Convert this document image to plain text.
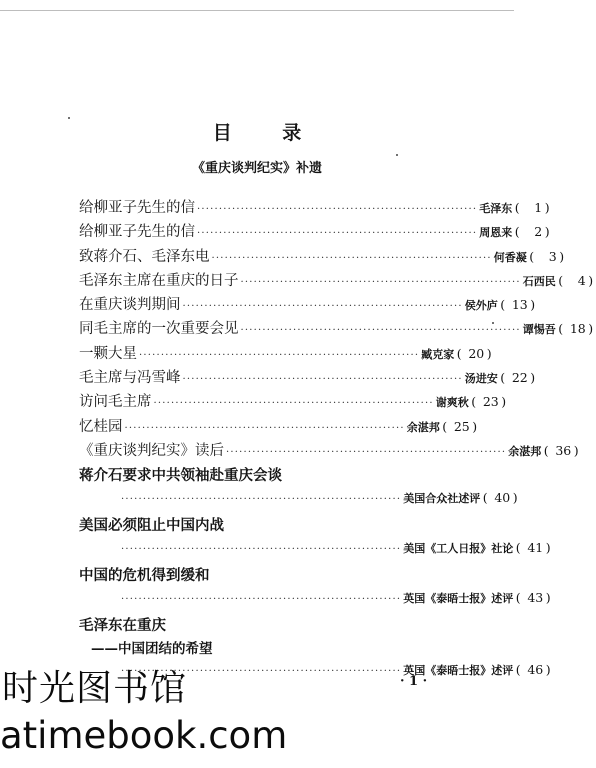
目 录
《重庆谈判纪实》补遗
给柳亚子先生的信 ································································ 毛泽东 ( 1 )
给柳亚子先生的信 ································································ 周恩来 ( 2 )
致蒋介石、毛泽东电 ································································ 何香凝 ( 3 )
毛泽东主席在重庆的日子 ································································ 石西民 ( 4 )
在重庆谈判期间 ································································ 侯外庐 ( 13 )
同毛主席的一次重要会见 ································································ 谭惕吾 ( 18 )
一颗大星 ································································ 臧克家 ( 20 )
毛主席与冯雪峰 ································································ 汤进安 ( 22 )
访问毛主席 ································································ 谢爽秋 ( 23 )
忆桂园 ································································ 余湛邦 ( 25 )
《重庆谈判纪实》读后 ································································ 余湛邦 ( 36 )
蒋介石要求中共领袖赴重庆会谈
································································ 美国合众社述评 ( 40 )
美国必须阻止中国内战
································································ 美国《工人日报》社论 ( 41 )
中国的危机得到缓和
································································ 英国《泰晤士报》述评 ( 43 )
毛泽东在重庆
——中国团结的希望
································································ 英国《泰晤士报》述评 ( 46 )
· 1 ·
时光图书馆
atimebook.com
